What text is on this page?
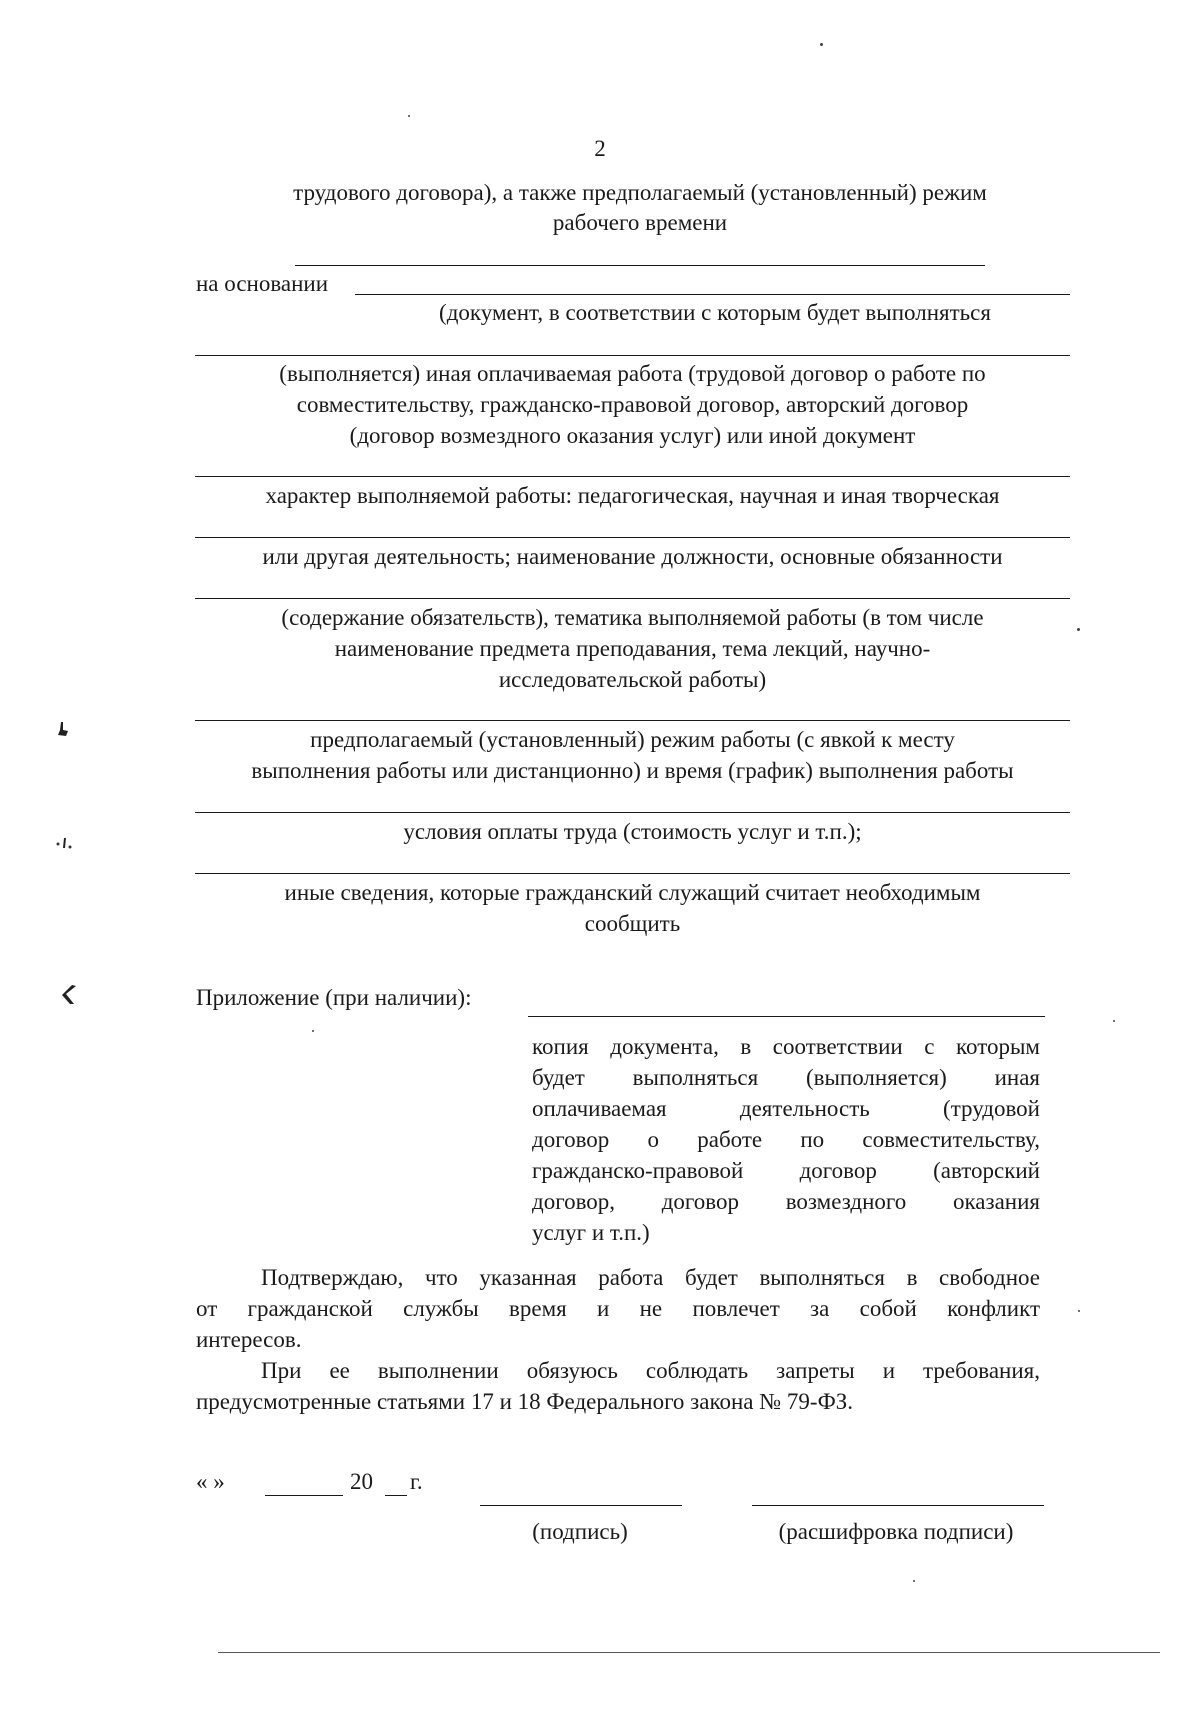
2
трудового договора), а также предполагаемый (установленный) режим
рабочего времени
на основании
(документ, в соответствии с которым будет выполняться
(выполняется) иная оплачиваемая работа (трудовой договор о работе по
совместительству, гражданско-правовой договор, авторский договор
(договор возмездного оказания услуг) или иной документ
характер выполняемой работы: педагогическая, научная и иная творческая
или другая деятельность; наименование должности, основные обязанности
(содержание обязательств), тематика выполняемой работы (в том числе
наименование предмета преподавания, тема лекций, научно-
исследовательской работы)
предполагаемый (установленный) режим работы (с явкой к месту
выполнения работы или дистанционно) и время (график) выполнения работы
условия оплаты труда (стоимость услуг и т.п.);
иные сведения, которые гражданский служащий считает необходимым
сообщить
Приложение (при наличии):
копия документа, в соответствии с которым
будет выполняться (выполняется) иная
оплачиваемая деятельность (трудовой
договор о работе по совместительству,
гражданско-правовой договор (авторский
договор, договор возмездного оказания
услуг и т.п.)
Подтверждаю, что указанная работа будет выполняться в свободное
от гражданской службы время и не повлечет за собой конфликт
интересов.
При ее выполнении обязуюсь соблюдать запреты и требования,
предусмотренные статьями 17 и 18 Федерального закона № 79-ФЗ.
« »	20 г.
(подпись)	(расшифровка подписи)
